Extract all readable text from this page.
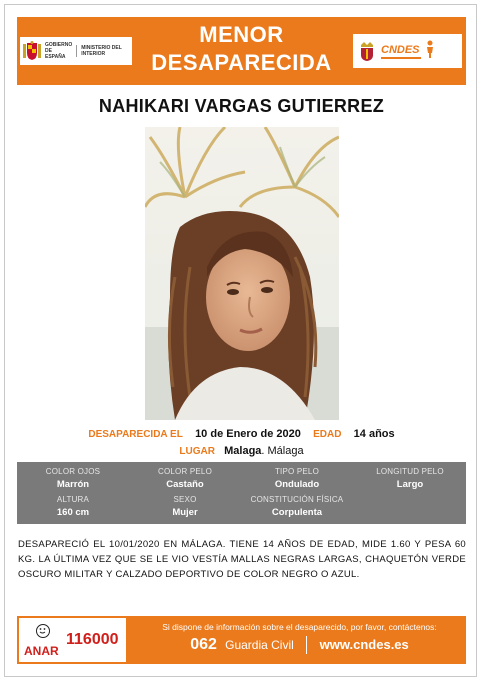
GOBIERNO DE ESPAÑA
MINISTERIO DEL INTERIOR
MENOR
DESAPARECIDA
CNDES
NAHIKARI VARGAS GUTIERREZ
DESAPARECIDA EL 10 de Enero de 2020 EDAD 14 años
LUGAR Malaga. Málaga
COLOR OJOS
Marrón
COLOR PELO
Castaño
TIPO PELO
Ondulado
LONGITUD PELO
Largo
ALTURA
160 cm
SEXO
Mujer
CONSTITUCIÓN FÍSICA
Corpulenta
DESAPARECIÓ EL 10/01/2020 EN MÁLAGA. TIENE 14 AÑOS DE EDAD, MIDE 1.60 Y PESA 60 KG. LA ÚLTIMA VEZ QUE SE LE VIO VESTÍA MALLAS NEGRAS LARGAS, CHAQUETÓN VERDE OSCURO MILITAR Y CALZADO DEPORTIVO DE COLOR NEGRO O AZUL.
ANAR
116000
Si dispone de información sobre el desaparecido, por favor, contáctenos:
062 Guardia Civil www.cndes.es
